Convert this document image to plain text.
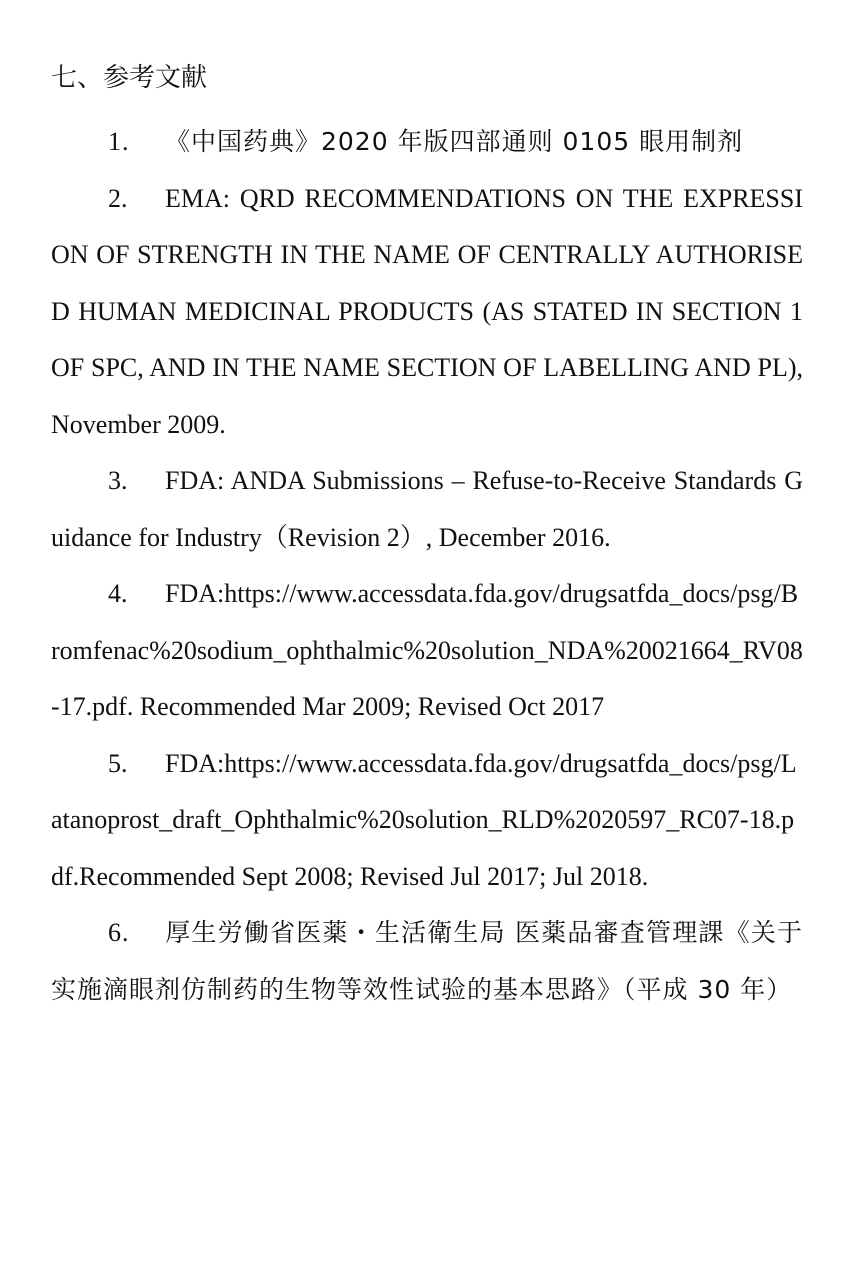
七、参考文献
1. 《中国药典》2020 年版四部通则 0105 眼用制剂
2. EMA: QRD RECOMMENDATIONS ON THE EXPRESSION OF STRENGTH IN THE NAME OF CENTRALLY AUTHORISED HUMAN MEDICINAL PRODUCTS (AS STATED IN SECTION 1 OF SPC, AND IN THE NAME SECTION OF LABELLING AND PL), November 2009.
3. FDA: ANDA Submissions – Refuse-to-Receive Standards Guidance for Industry（Revision 2）, December 2016.
4. FDA:https://www.accessdata.fda.gov/drugsatfda_docs/psg/Bromfenac%20sodium_ophthalmic%20solution_NDA%20021664_RV08-17.pdf. Recommended Mar 2009; Revised Oct 2017
5. FDA:https://www.accessdata.fda.gov/drugsatfda_docs/psg/Latanoprost_draft_Ophthalmic%20solution_RLD%2020597_RC07-18.pdf.Recommended Sept 2008; Revised Jul 2017; Jul 2018.
6. 厚生労働省医薬・生活衛生局 医薬品審査管理課《关于实施滴眼剂仿制药的生物等效性试验的基本思路》（平成 30 年）
